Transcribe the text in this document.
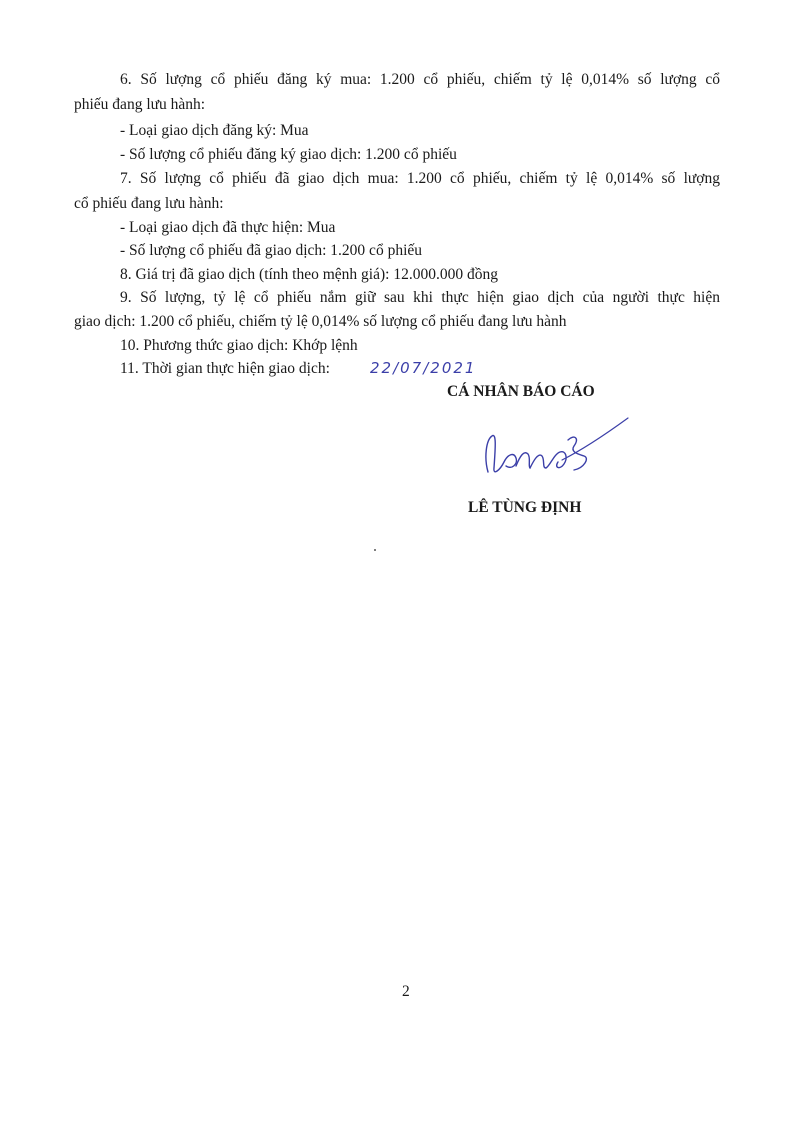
6. Số lượng cổ phiếu đăng ký mua: 1.200 cổ phiếu, chiếm tỷ lệ 0,014% số lượng cổ
phiếu đang lưu hành:
- Loại giao dịch đăng ký: Mua
- Số lượng cổ phiếu đăng ký giao dịch: 1.200 cổ phiếu
7. Số lượng cổ phiếu đã giao dịch mua: 1.200 cổ phiếu, chiếm tỷ lệ 0,014% số lượng
cổ phiếu đang lưu hành:
- Loại giao dịch đã thực hiện: Mua
- Số lượng cổ phiếu đã giao dịch: 1.200 cổ phiếu
8. Giá trị đã giao dịch (tính theo mệnh giá): 12.000.000 đồng
9. Số lượng, tỷ lệ cổ phiếu nắm giữ sau khi thực hiện giao dịch của người thực hiện
giao dịch: 1.200 cổ phiếu, chiếm tỷ lệ 0,014% số lượng cổ phiếu đang lưu hành
10. Phương thức giao dịch: Khớp lệnh
11. Thời gian thực hiện giao dịch:	22/07/2021
CÁ NHÂN BÁO CÁO
LÊ TÙNG ĐỊNH
2
